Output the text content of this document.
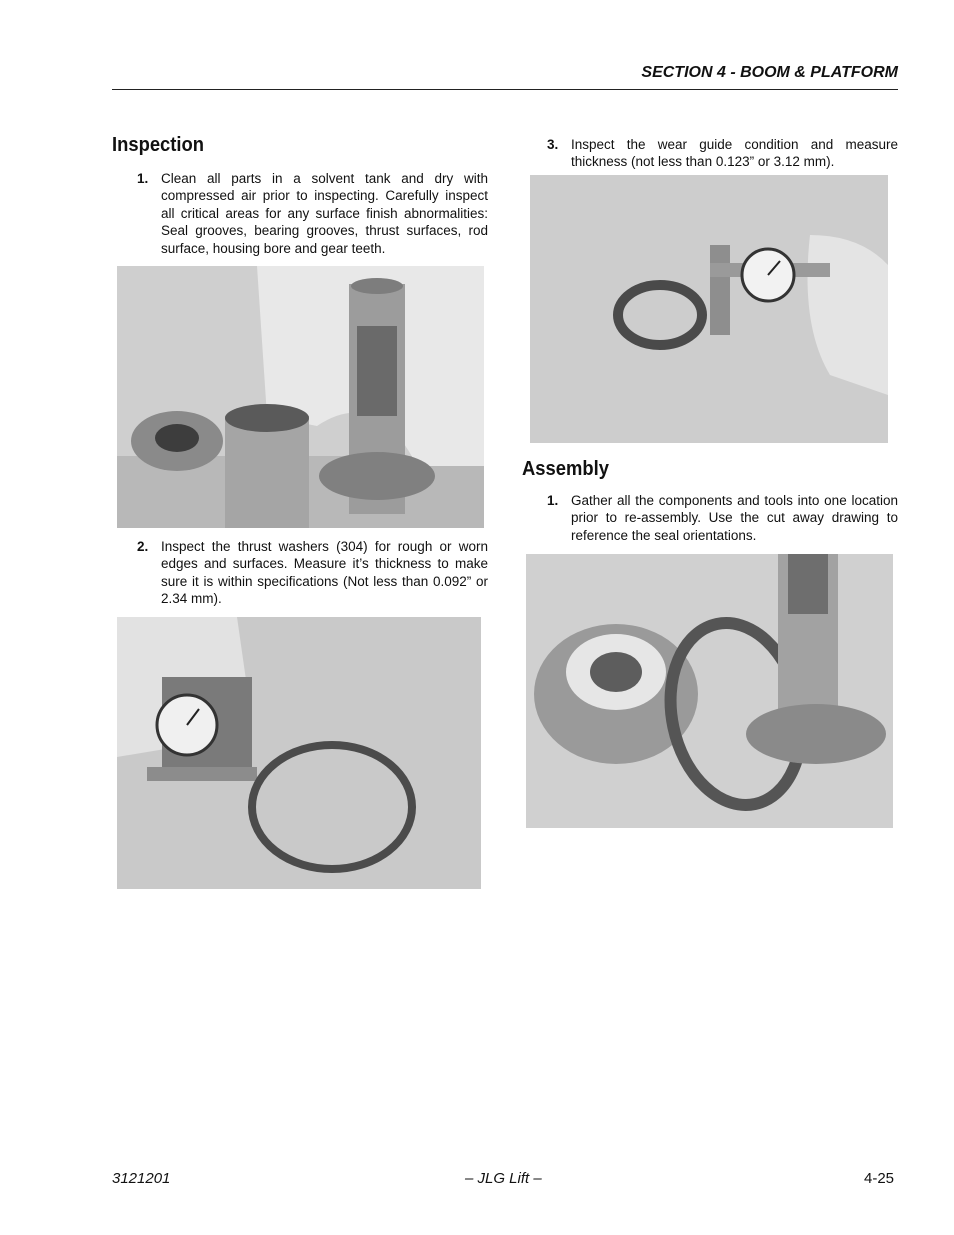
SECTION 4 - BOOM & PLATFORM
Inspection
1. Clean all parts in a solvent tank and dry with compressed air prior to inspecting. Carefully inspect all critical areas for any surface finish abnormalities: Seal grooves, bearing grooves, thrust surfaces, rod surface, housing bore and gear teeth.
2. Inspect the thrust washers (304) for rough or worn edges and surfaces. Measure it’s thickness to make sure it is within specifications (Not less than 0.092” or 2.34 mm).
3. Inspect the wear guide condition and measure thickness (not less than 0.123” or 3.12 mm).
Assembly
1. Gather all the components and tools into one location prior to re-assembly. Use the cut away drawing to reference the seal orientations.
3121201	– JLG Lift –	4-25
